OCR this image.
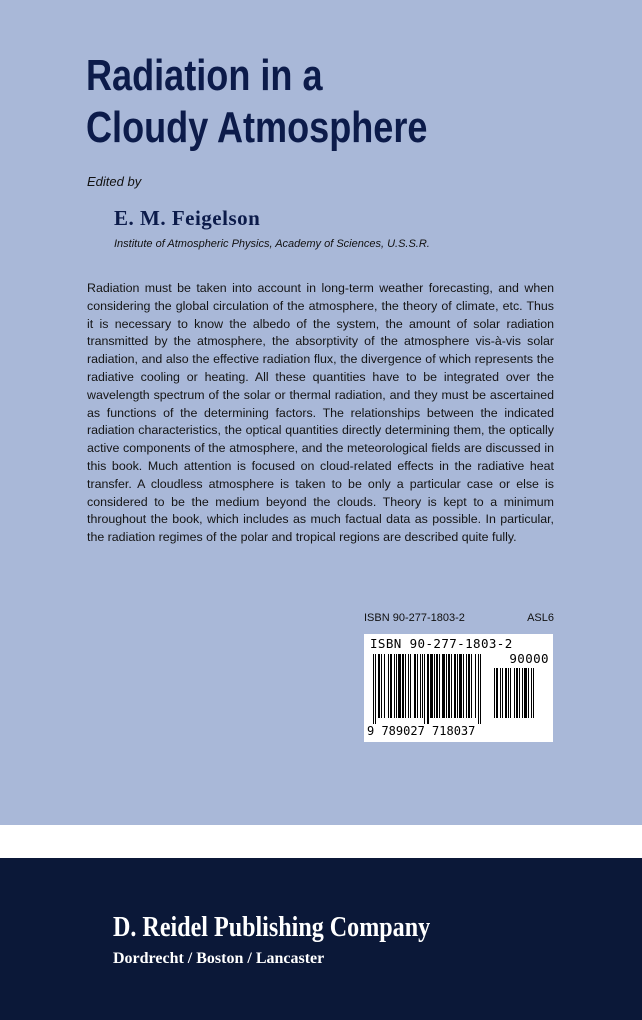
Radiation in a
Cloudy Atmosphere

Edited by

E. M. Feigelson

Institute of Atmospheric Physics, Academy of Sciences, U.S.S.R.

Radiation must be taken into account in long-term weather forecasting, and when considering the global circulation of the atmosphere, the theory of climate, etc. Thus it is necessary to know the albedo of the system, the amount of solar radiation transmitted by the atmosphere, the absorptivity of the atmosphere vis-à-vis solar radiation, and also the effective radiation flux, the divergence of which represents the radiative cooling or heating. All these quantities have to be integrated over the wavelength spectrum of the solar or thermal radiation, and they must be ascertained as functions of the determining factors. The relationships between the indicated radiation characteristics, the optical quantities directly determining them, the optically active components of the atmosphere, and the meteorological fields are discussed in this book. Much attention is focused on cloud-related effects in the radiative heat transfer. A cloudless atmosphere is taken to be only a particular case or else is considered to be the medium beyond the clouds. Theory is kept to a minimum throughout the book, which includes as much factual data as possible. In particular, the radiation regimes of the polar and tropical regions are described quite fully.

ISBN 90-277-1803-2	ASL6
ISBN 90-277-1803-2
90000
9 789027 718037

D. Reidel Publishing Company

Dordrecht / Boston / Lancaster
